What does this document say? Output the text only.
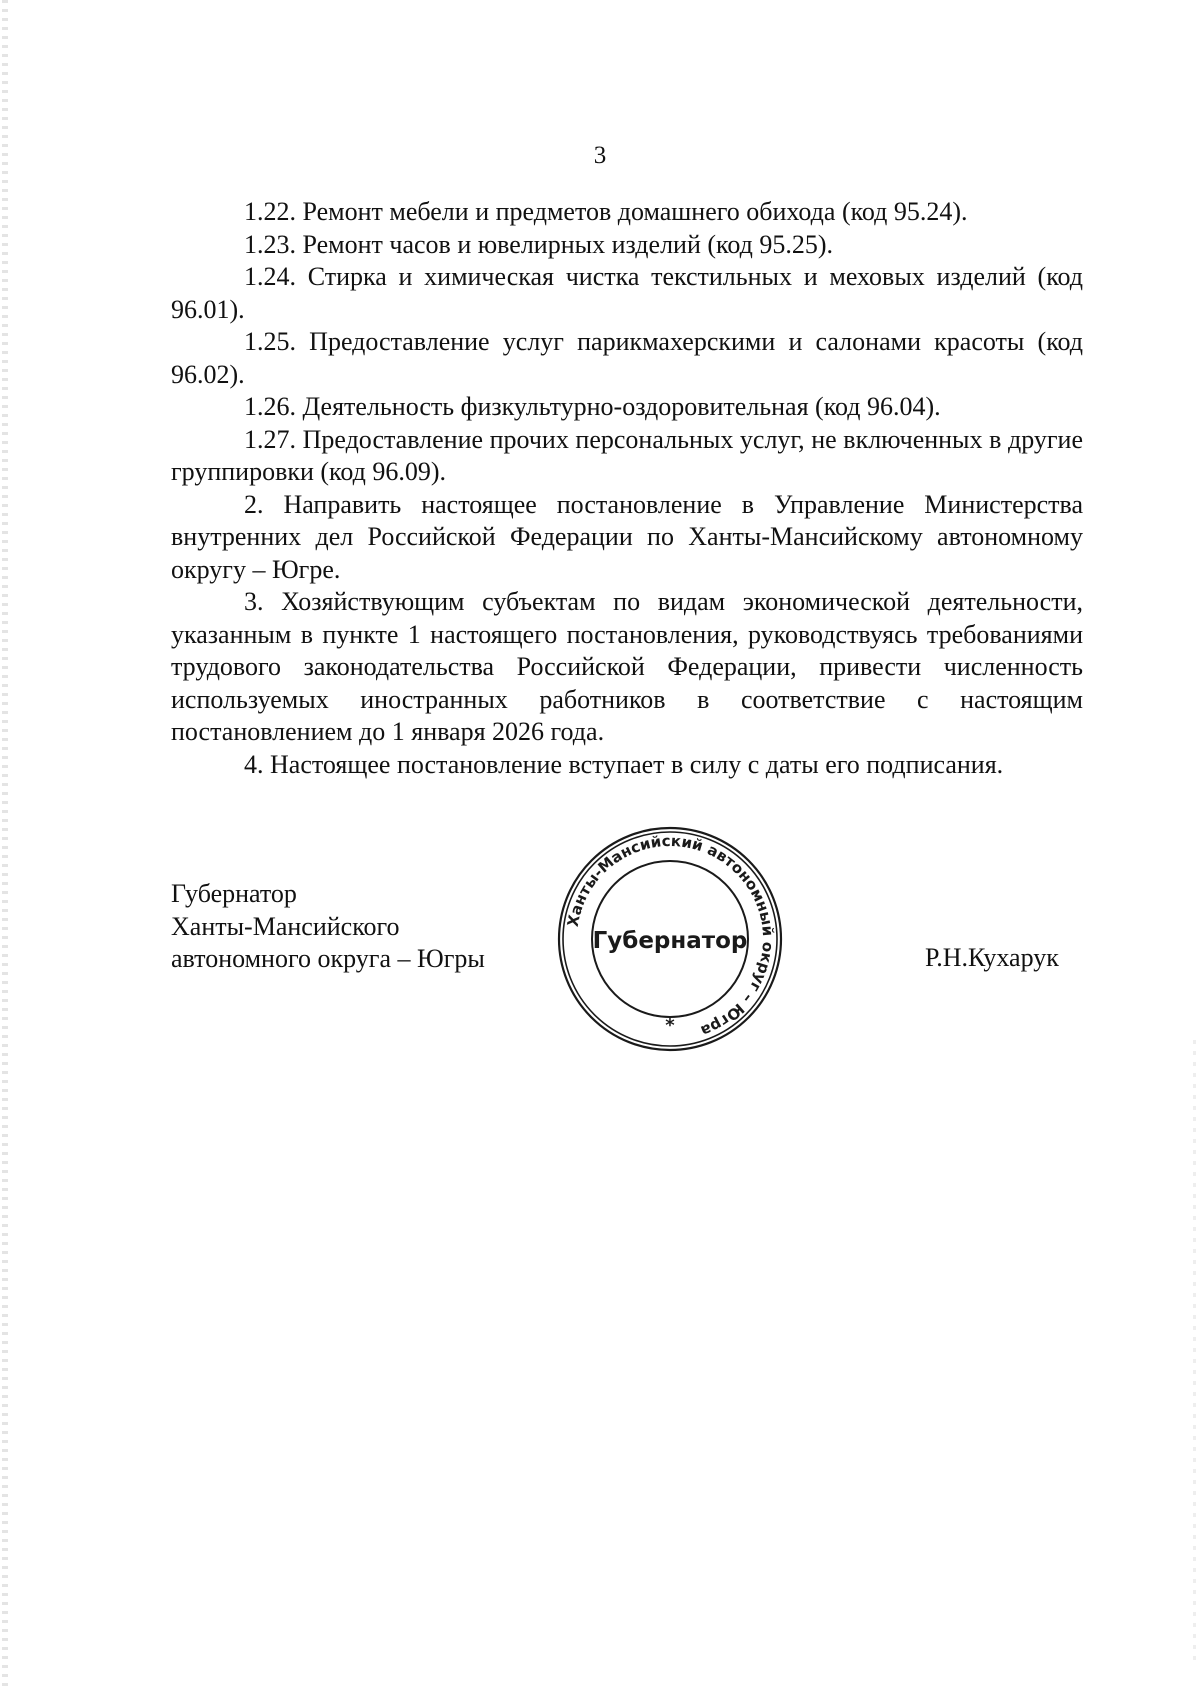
3

1.22. Ремонт мебели и предметов домашнего обихода (код 95.24).

1.23. Ремонт часов и ювелирных изделий (код 95.25).

1.24. Стирка и химическая чистка текстильных и меховых изделий (код 96.01).

1.25. Предоставление услуг парикмахерскими и салонами красоты (код 96.02).

1.26. Деятельность физкультурно-оздоровительная (код 96.04).

1.27. Предоставление прочих персональных услуг, не включенных в другие группировки (код 96.09).

2. Направить настоящее постановление в Управление Министерства внутренних дел Российской Федерации по Ханты-Мансийскому автономному округу – Югре.

3. Хозяйствующим субъектам по видам экономической деятельности, указанным в пункте 1 настоящего постановления, руководствуясь требованиями трудового законодательства Российской Федерации, привести численность используемых иностранных работников в соответствие с настоящим постановлением до 1 января 2026 года.

4. Настоящее постановление вступает в силу с даты его подписания.

Губернатор
Ханты-Мансийского
автономного округа – Югры
Ханты-Мансийский автономный округ – Югра
Губернатор
*
Р.Н.Кухарук
